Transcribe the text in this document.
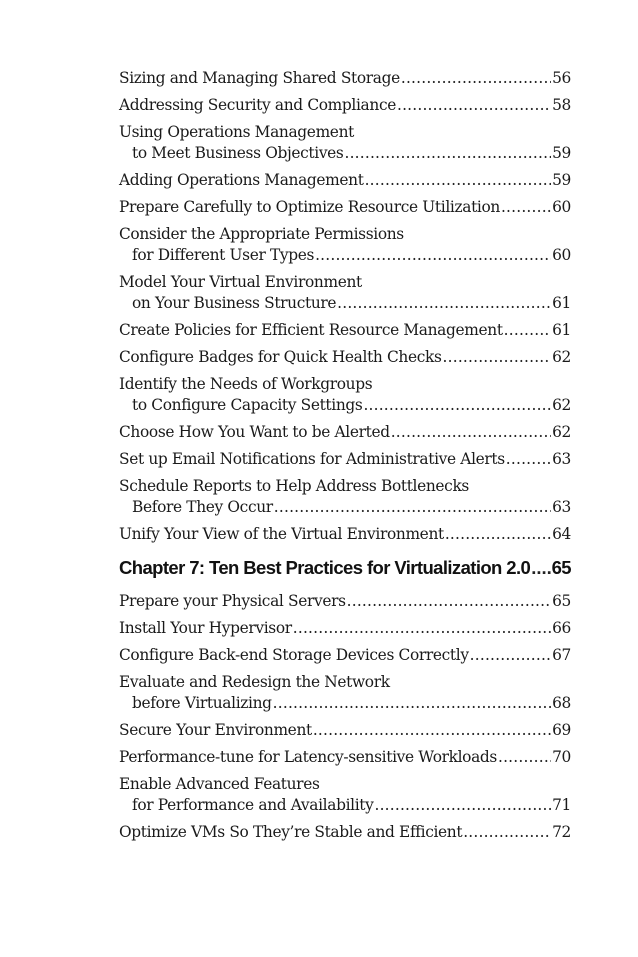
Sizing and Managing Shared Storage .....	56
Addressing Security and Compliance .....	58
Using Operations Management
to Meet Business Objectives .....	59
Adding Operations Management .....	59
Prepare Carefully to Optimize Resource Utilization .....	60
Consider the Appropriate Permissions
for Different User Types .....	60
Model Your Virtual Environment
on Your Business Structure .....	61
Create Policies for Efficient Resource Management .....	61
Configure Badges for Quick Health Checks .....	62
Identify the Needs of Workgroups
to Configure Capacity Settings .....	62
Choose How You Want to be Alerted .....	62
Set up Email Notifications for Administrative Alerts .....	63
Schedule Reports to Help Address Bottlenecks
Before They Occur .....	63
Unify Your View of the Virtual Environment .....	64
Chapter 7: Ten Best Practices for Virtualization 2.0 ..... 65
Prepare your Physical Servers .....	65
Install Your Hypervisor .....	66
Configure Back-end Storage Devices Correctly .....	67
Evaluate and Redesign the Network
before Virtualizing .....	68
Secure Your Environment .....	69
Performance-tune for Latency-sensitive Workloads .....	70
Enable Advanced Features
for Performance and Availability .....	71
Optimize VMs So They’re Stable and Efficient .....	72
